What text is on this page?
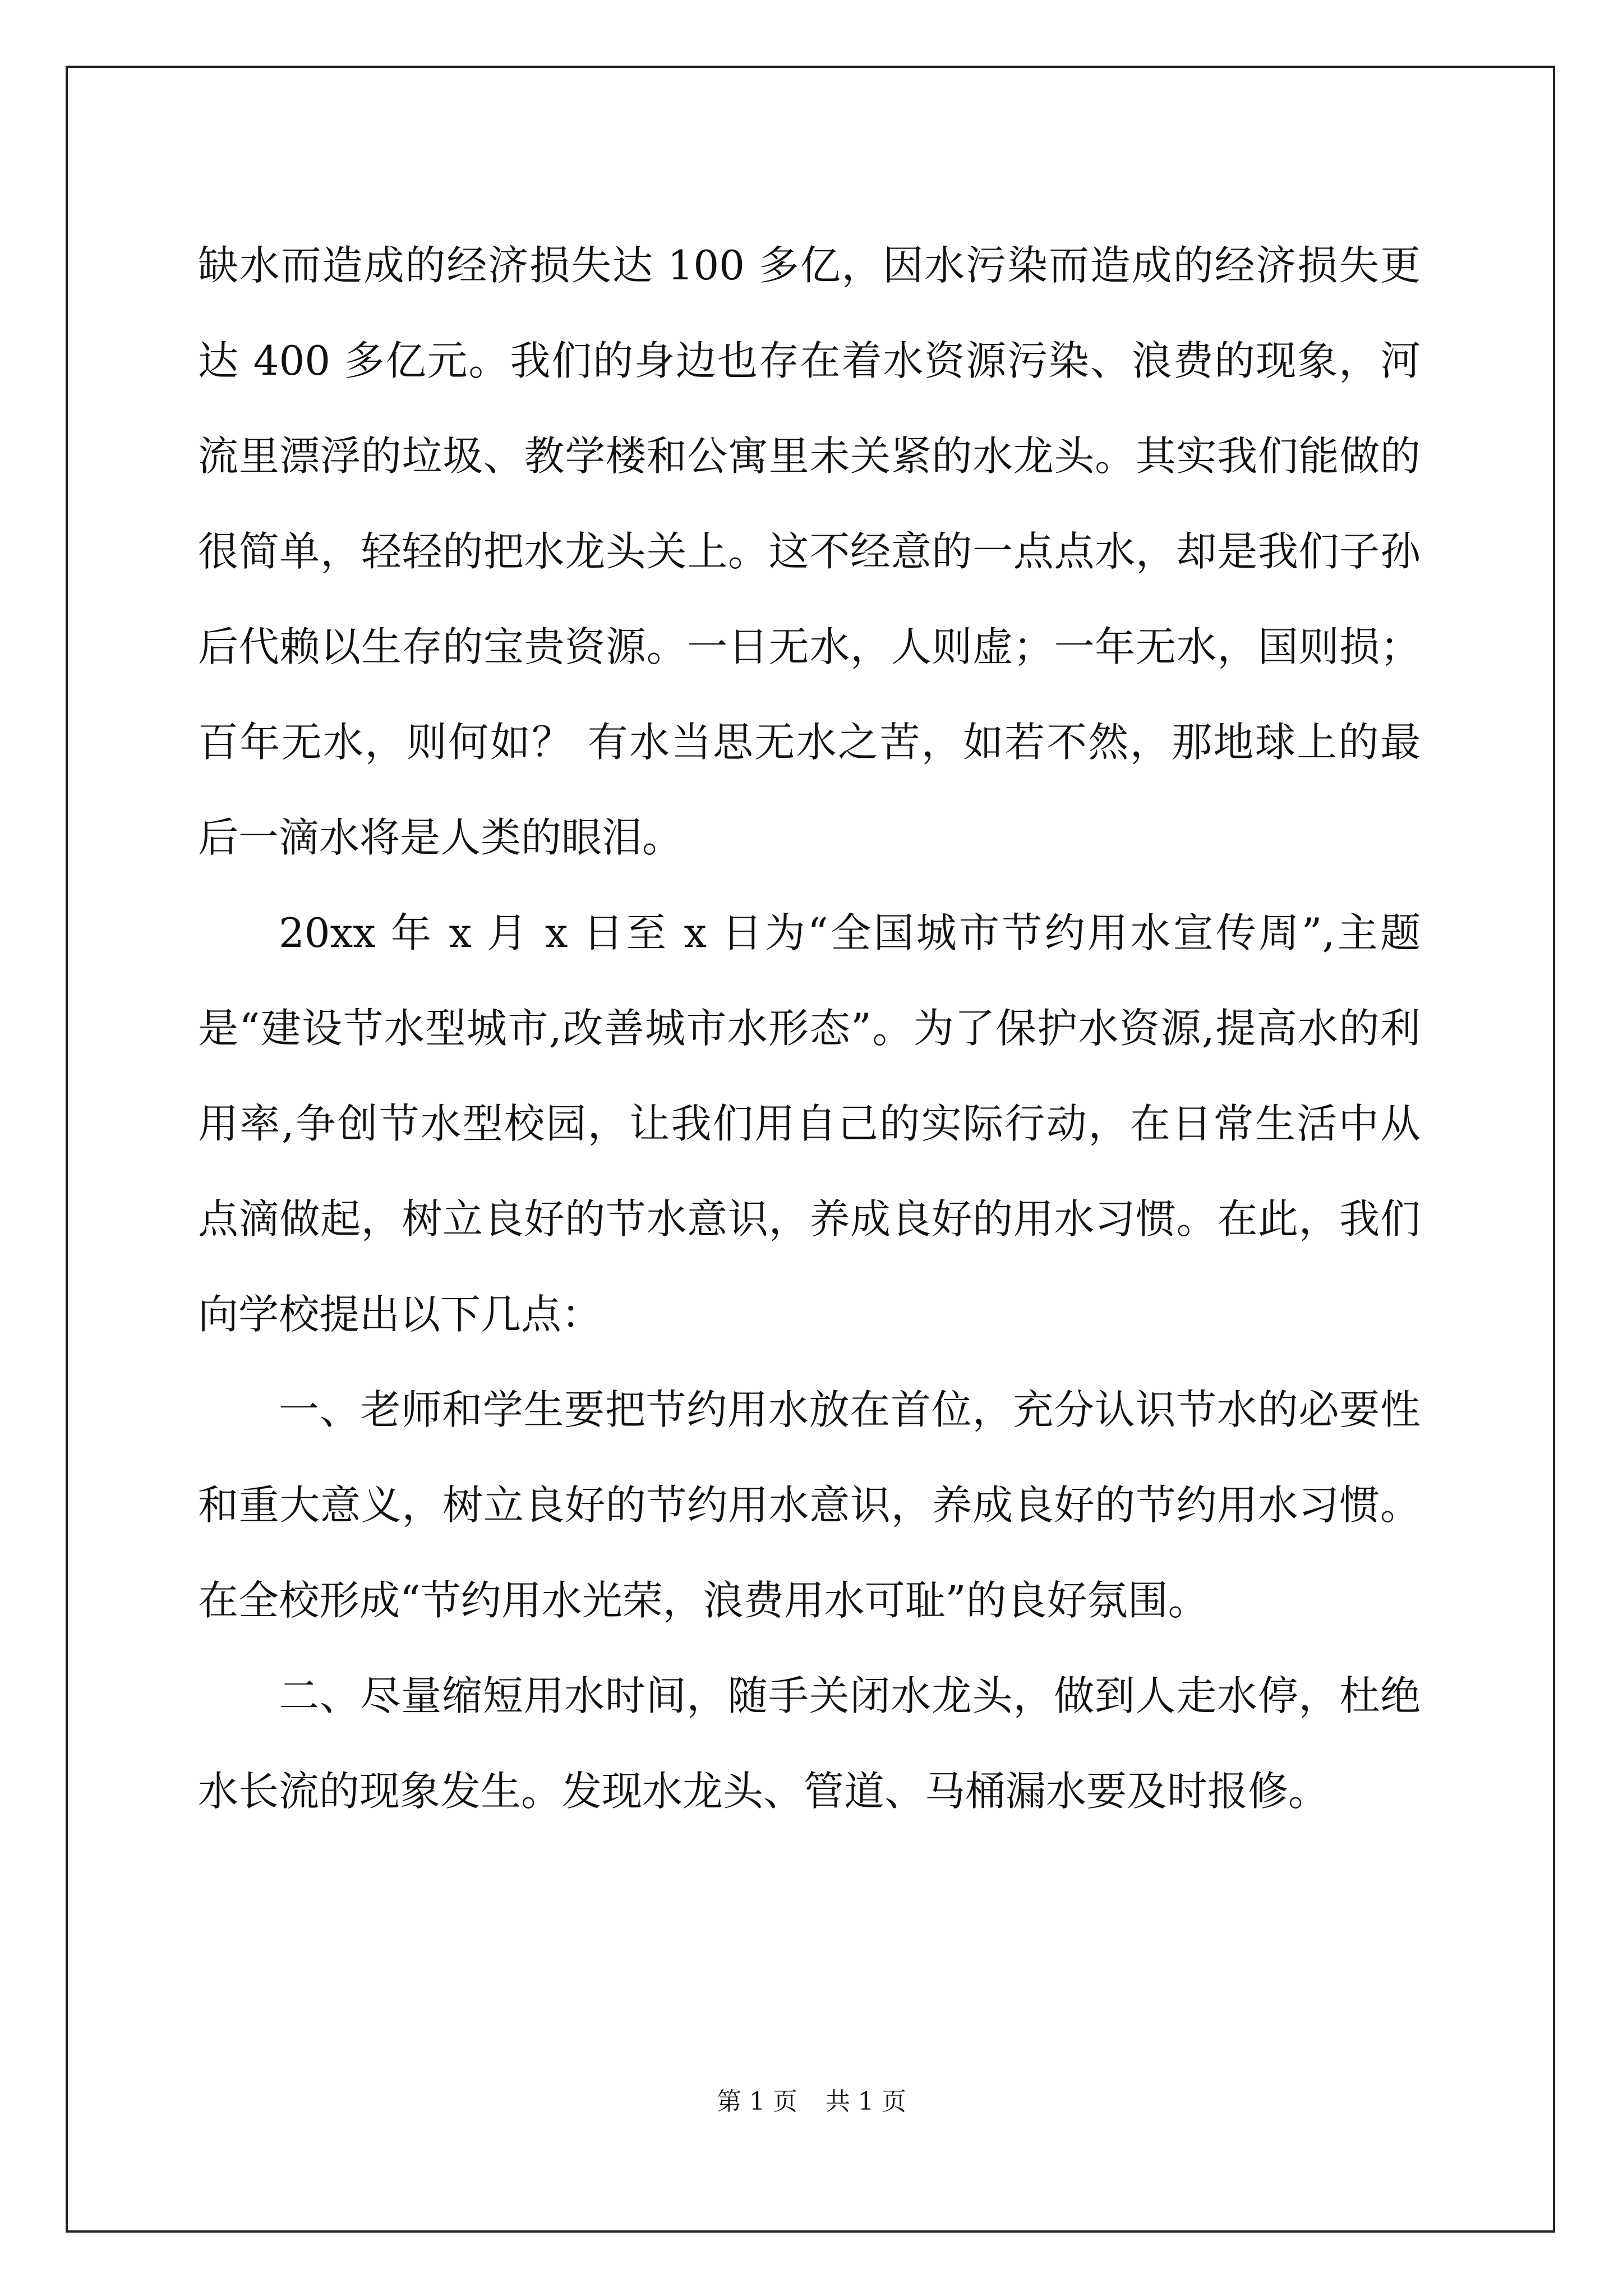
缺水而造成的经济损失达 100 多亿，因水污染而造成的经济损失更达 400 多亿元。我们的身边也存在着水资源污染、浪费的现象，河流里漂浮的垃圾、教学楼和公寓里未关紧的水龙头。其实我们能做的很简单，轻轻的把水龙头关上。这不经意的一点点水，却是我们子孙后代赖以生存的宝贵资源。一日无水，人则虚；一年无水，国则损；百年无水，则何如？ 有水当思无水之苦，如若不然，那地球上的最后一滴水将是人类的眼泪。

20xx 年 x 月 x 日至 x 日为“全国城市节约用水宣传周”,主题是“建设节水型城市,改善城市水形态”。为了保护水资源,提高水的利用率,争创节水型校园，让我们用自己的实际行动，在日常生活中从点滴做起，树立良好的节水意识，养成良好的用水习惯。在此，我们向学校提出以下几点：

一、老师和学生要把节约用水放在首位，充分认识节水的必要性和重大意义，树立良好的节约用水意识，养成良好的节约用水习惯。在全校形成“节约用水光荣，浪费用水可耻”的良好氛围。

二、尽量缩短用水时间，随手关闭水龙头，做到人走水停，杜绝水长流的现象发生。发现水龙头、管道、马桶漏水要及时报修。

第 1 页 共 1 页
